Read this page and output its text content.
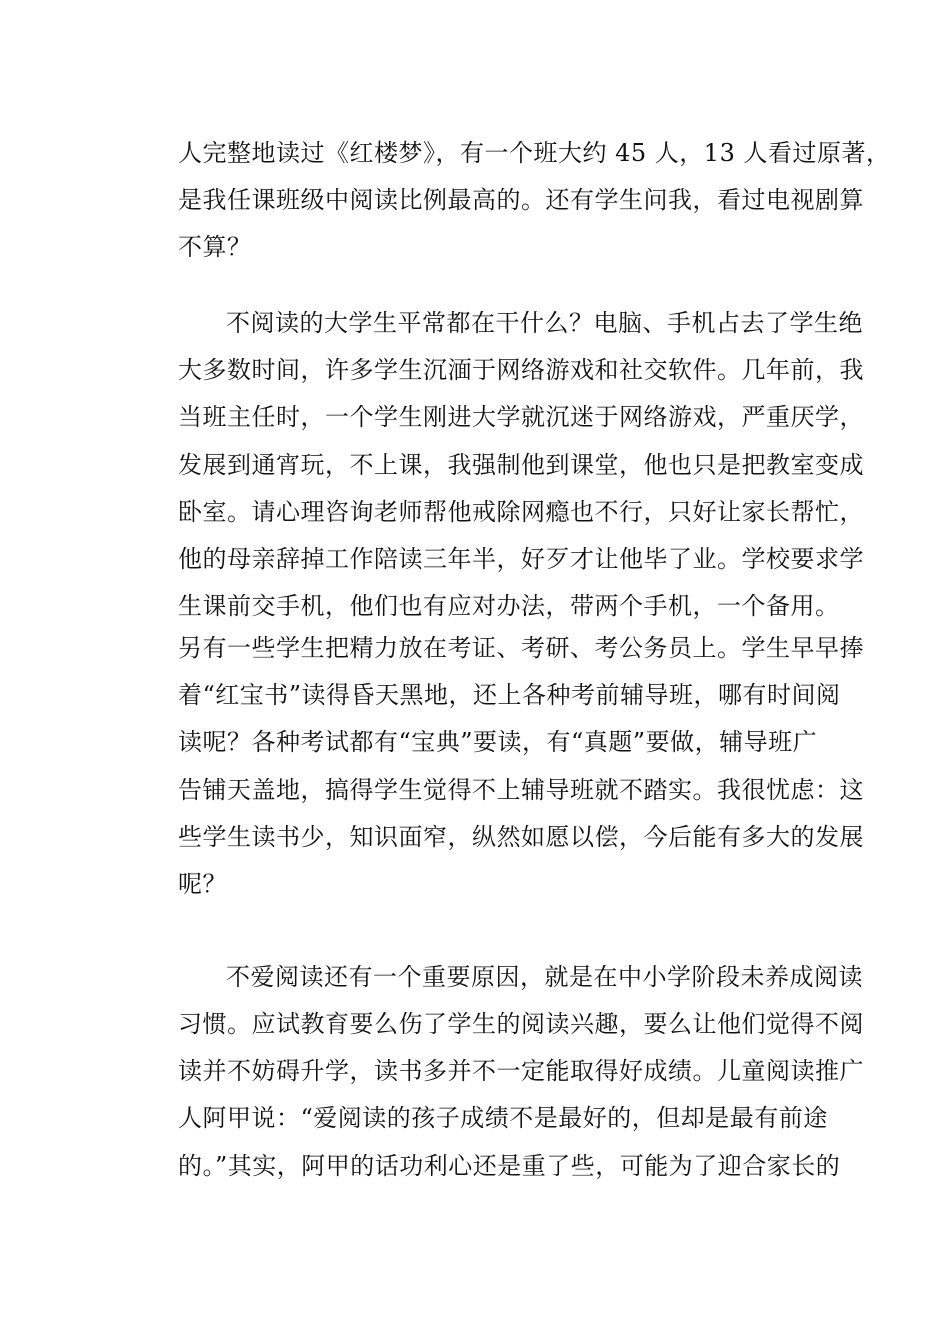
人完整地读过《红楼梦》，有一个班大约 45 人，13 人看过原著，
是我任课班级中阅读比例最高的。还有学生问我，看过电视剧算
不算？
不阅读的大学生平常都在干什么？电脑、手机占去了学生绝
大多数时间，许多学生沉湎于网络游戏和社交软件。几年前，我
当班主任时，一个学生刚进大学就沉迷于网络游戏，严重厌学，
发展到通宵玩，不上课，我强制他到课堂，他也只是把教室变成
卧室。请心理咨询老师帮他戒除网瘾也不行，只好让家长帮忙，
他的母亲辞掉工作陪读三年半，好歹才让他毕了业。学校要求学
生课前交手机，他们也有应对办法，带两个手机，一个备用。
另有一些学生把精力放在考证、考研、考公务员上。学生早早捧
着“红宝书”读得昏天黑地，还上各种考前辅导班，哪有时间阅
读呢？各种考试都有“宝典”要读，有“真题”要做，辅导班广
告铺天盖地，搞得学生觉得不上辅导班就不踏实。我很忧虑：这
些学生读书少，知识面窄，纵然如愿以偿，今后能有多大的发展
呢？
不爱阅读还有一个重要原因，就是在中小学阶段未养成阅读
习惯。应试教育要么伤了学生的阅读兴趣，要么让他们觉得不阅
读并不妨碍升学，读书多并不一定能取得好成绩。儿童阅读推广
人阿甲说：“爱阅读的孩子成绩不是最好的，但却是最有前途
的。”其实，阿甲的话功利心还是重了些，可能为了迎合家长的
